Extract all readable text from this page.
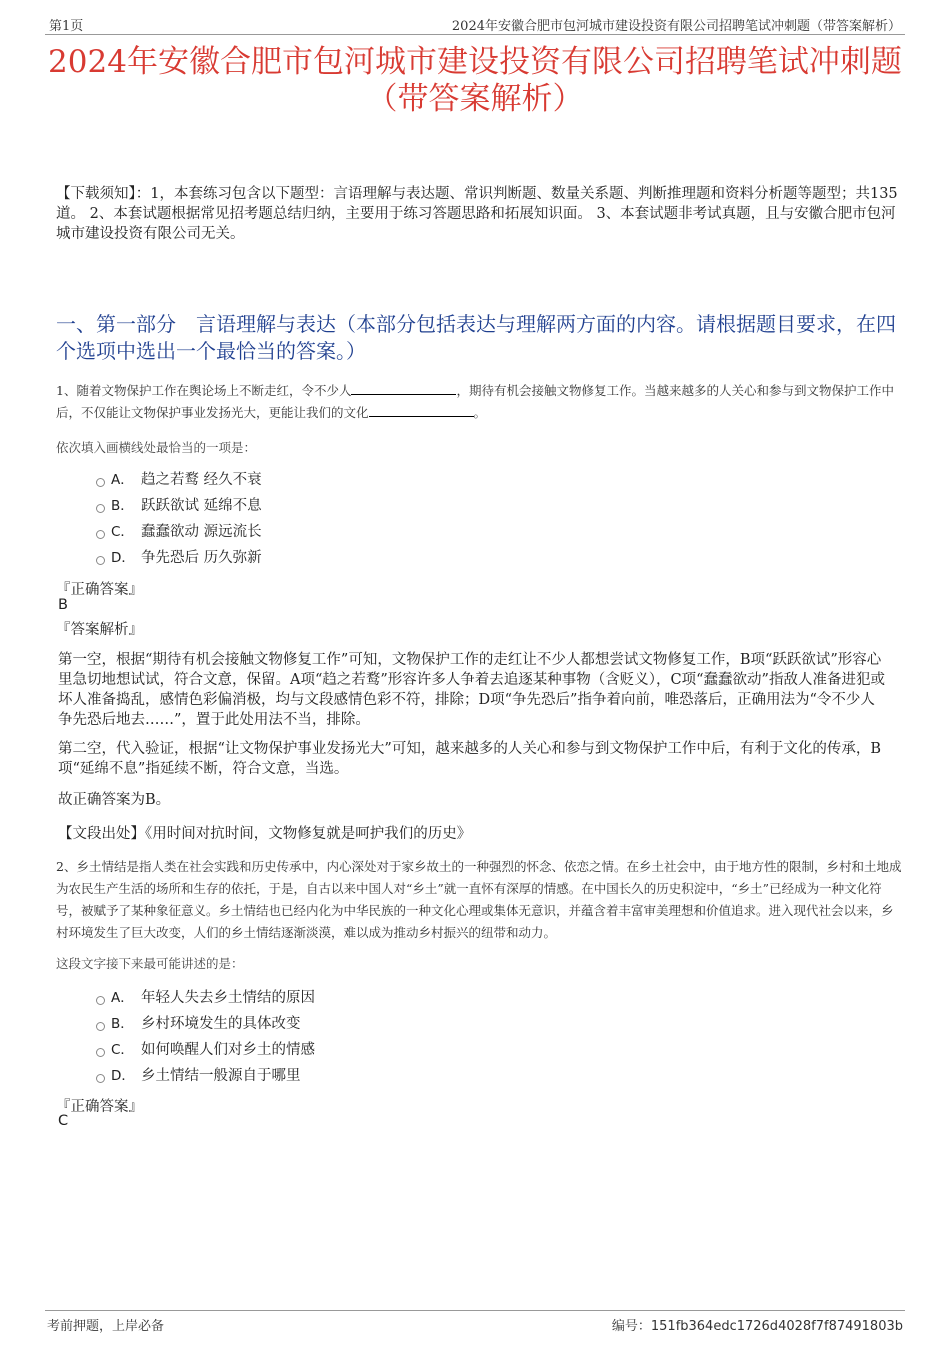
第1页	2024年安徽合肥市包河城市建设投资有限公司招聘笔试冲刺题（带答案解析）
2024年安徽合肥市包河城市建设投资有限公司招聘笔试冲刺题
（带答案解析）
【下载须知】：1，本套练习包含以下题型：言语理解与表达题、常识判断题、数量关系题、判断推理题和资料分析题等题型；共135道。 2、本套试题根据常见招考题总结归纳，主要用于练习答题思路和拓展知识面。 3、本套试题非考试真题，且与安徽合肥市包河城市建设投资有限公司无关。
一、第一部分　言语理解与表达（本部分包括表达与理解两方面的内容。请根据题目要求，在四个选项中选出一个最恰当的答案。）
1、随着文物保护工作在舆论场上不断走红，令不少人	，期待有机会接触文物修复工作。当越来越多的人关心和参与到文物保护工作中后，不仅能让文物保护事业发扬光大，更能让我们的文化	。
依次填入画横线处最恰当的一项是：
A． 趋之若鹜 经久不衰
B． 跃跃欲试 延绵不息
C． 蠢蠢欲动 源远流长
D． 争先恐后 历久弥新
『正确答案』
B
『答案解析』
第一空，根据“期待有机会接触文物修复工作”可知，文物保护工作的走红让不少人都想尝试文物修复工作，B项“跃跃欲试”形容心里急切地想试试，符合文意，保留。A项“趋之若鹜”形容许多人争着去追逐某种事物（含贬义），C项“蠢蠢欲动”指敌人准备进犯或坏人准备捣乱，感情色彩偏消极，均与文段感情色彩不符，排除；D项“争先恐后”指争着向前，唯恐落后，正确用法为“令不少人争先恐后地去……”，置于此处用法不当，排除。
第二空，代入验证，根据“让文物保护事业发扬光大”可知，越来越多的人关心和参与到文物保护工作中后，有利于文化的传承，B项“延绵不息”指延续不断，符合文意，当选。
故正确答案为B。
【文段出处】《用时间对抗时间，文物修复就是呵护我们的历史》
2、乡土情结是指人类在社会实践和历史传承中，内心深处对于家乡故土的一种强烈的怀念、依恋之情。在乡土社会中，由于地方性的限制，乡村和土地成为农民生产生活的场所和生存的依托，于是，自古以来中国人对“乡土”就一直怀有深厚的情感。在中国长久的历史积淀中，“乡土”已经成为一种文化符号，被赋予了某种象征意义。乡土情结也已经内化为中华民族的一种文化心理或集体无意识，并蕴含着丰富审美理想和价值追求。进入现代社会以来，乡村环境发生了巨大改变，人们的乡土情结逐渐淡漠，难以成为推动乡村振兴的纽带和动力。
这段文字接下来最可能讲述的是：
A． 年轻人失去乡土情结的原因
B． 乡村环境发生的具体改变
C． 如何唤醒人们对乡土的情感
D． 乡土情结一般源自于哪里
『正确答案』
C
考前押题，上岸必备	编号：151fb364edc1726d4028f7f87491803b
